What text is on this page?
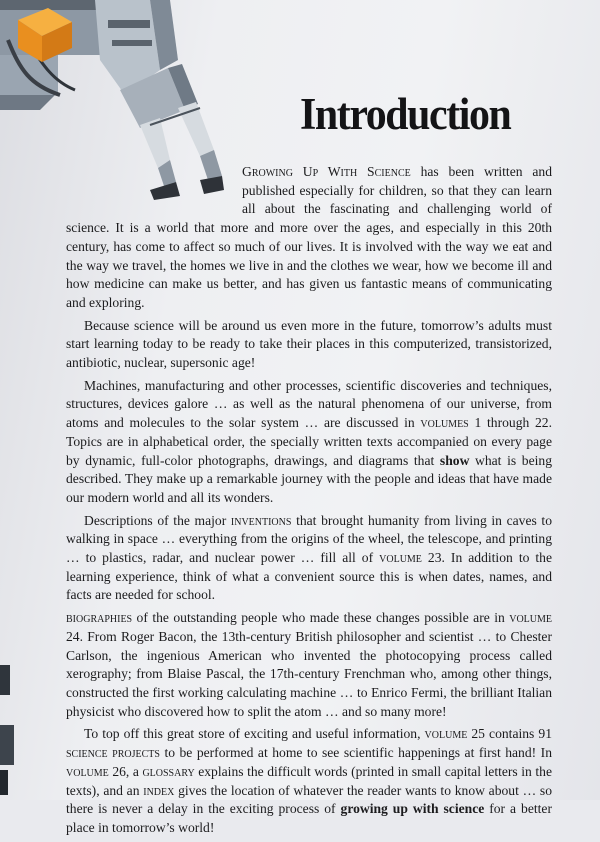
Introduction

Growing Up With Science has been written and published especially for children, so that they can learn all about the fascinating and challenging world of science. It is a world that more and more over the ages, and especially in this 20th century, has come to affect so much of our lives. It is involved with the way we eat and the way we travel, the homes we live in and the clothes we wear, how we become ill and how medicine can make us better, and has given us fantastic means of communicating and exploring.

Because science will be around us even more in the future, tomorrow’s adults must start learning today to be ready to take their places in this computerized, transistorized, antibiotic, nuclear, supersonic age!

Machines, manufacturing and other processes, scientific discoveries and techniques, structures, devices galore … as well as the natural phenomena of our universe, from atoms and molecules to the solar system … are discussed in volumes 1 through 22. Topics are in alphabetical order, the specially written texts accompanied on every page by dynamic, full-color photographs, drawings, and diagrams that show what is being described. They make up a remarkable journey with the people and ideas that have made our modern world and all its wonders.

Descriptions of the major inventions that brought humanity from living in caves to walking in space … everything from the origins of the wheel, the telescope, and printing … to plastics, radar, and nuclear power … fill all of volume 23. In addition to the learning experience, think of what a convenient source this is when dates, names, and facts are needed for school.

biographies of the outstanding people who made these changes possible are in volume 24. From Roger Bacon, the 13th-century British philosopher and scientist … to Chester Carlson, the ingenious American who invented the photocopying process called xerography; from Blaise Pascal, the 17th-century Frenchman who, among other things, constructed the first working calculating machine … to Enrico Fermi, the brilliant Italian physicist who discovered how to split the atom … and so many more!

To top off this great store of exciting and useful information, volume 25 contains 91 science projects to be performed at home to see scientific happenings at first hand! In volume 26, a glossary explains the difficult words (printed in small capital letters in the texts), and an index gives the location of whatever the reader wants to know about … so there is never a delay in the exciting process of growing up with science for a better place in tomorrow’s world!
